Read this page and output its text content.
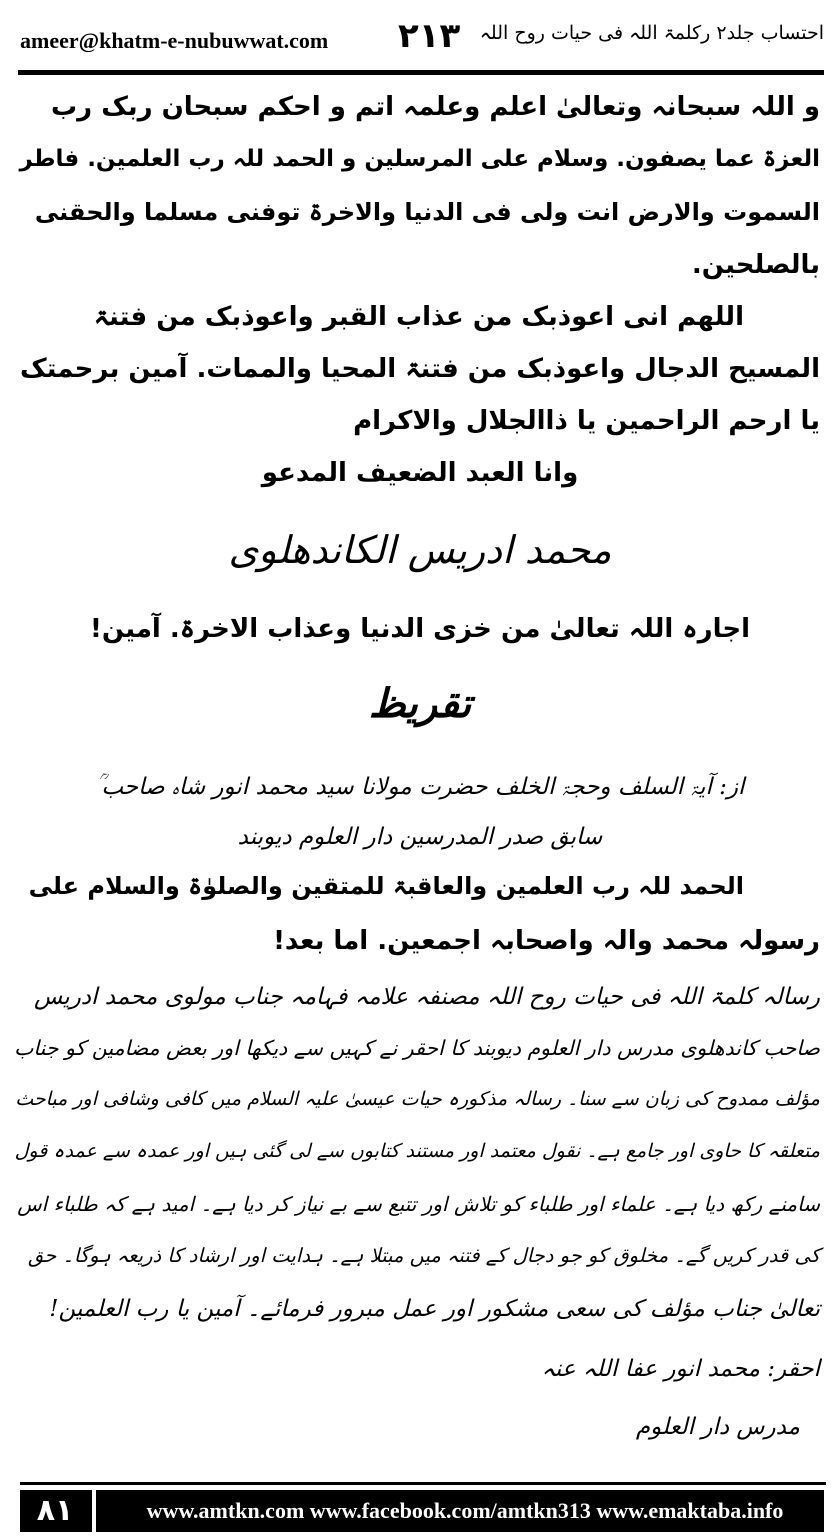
ameer@khatm-e-nubuwwat.com ۲۱۳ احتساب جلد۲ رکلمۃ اللہ فی حیات روح اللہ
و اللہ سبحانہ وتعالیٰ اعلم وعلمہ اتم و احکم سبحان ربک رب
العزۃ عما یصفون. وسلام علی المرسلین و الحمد للہ رب العلمین. فاطر
السموت والارض انت ولی فی الدنیا والاخرۃ توفنی مسلما والحقنی
بالصلحین.
اللھم انی اعوذبک من عذاب القبر واعوذبک من فتنۃ
المسیح الدجال واعوذبک من فتنۃ المحیا والممات. آمین برحمتک
یا ارحم الراحمین یا ذاالجلال والاکرام
وانا العبد الضعیف المدعو
محمد ادریس الکاندھلوی
اجارہ اللہ تعالیٰ من خزی الدنیا وعذاب الاخرۃ. آمین!
تقریظ
از: آیۃ السلف وحجۃ الخلف حضرت مولانا سید محمد انور شاہ صاحب ؒ
سابق صدر المدرسین دار العلوم دیوبند
الحمد للہ رب العلمین والعاقبۃ للمتقین والصلوٰۃ والسلام علی
رسولہ محمد والہ واصحابہ اجمعین. اما بعد!
رسالہ کلمۃ اللہ فی حیات روح اللہ مصنفہ علامہ فہامہ جناب مولوی محمد ادریس
صاحب کاندھلوی مدرس دار العلوم دیوبند کا احقر نے کہیں سے دیکھا اور بعض مضامین کو جناب
مؤلف ممدوح کی زبان سے سنا۔ رسالہ مذکورہ حیات عیسیٰ علیہ السلام میں کافی وشافی اور مباحث
متعلقہ کا حاوی اور جامع ہے۔ نقول معتمد اور مستند کتابوں سے لی گئی ہیں اور عمدہ سے عمدہ قول
سامنے رکھ دیا ہے۔ علماء اور طلباء کو تلاش اور تتبع سے بے نیاز کر دیا ہے۔ امید ہے کہ طلباء اس
کی قدر کریں گے۔ مخلوق کو جو دجال کے فتنہ میں مبتلا ہے۔ ہدایت اور ارشاد کا ذریعہ ہوگا۔ حق
تعالیٰ جناب مؤلف کی سعی مشکور اور عمل مبرور فرمائے۔ آمین یا رب العلمین!
احقر: محمد انور عفا اللہ عنہ
مدرس دار العلوم
۸۱	www.amtkn.com www.facebook.com/amtkn313 www.emaktaba.info
